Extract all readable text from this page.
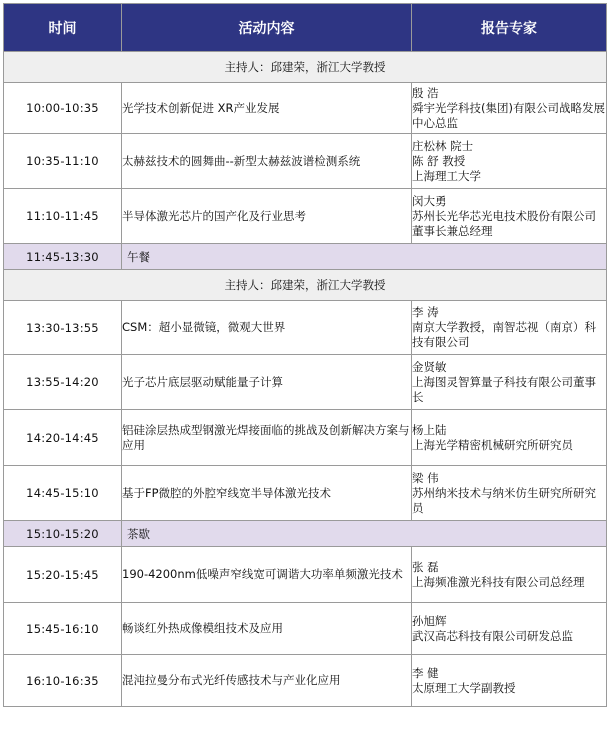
时间	活动内容	报告专家
主持人：邱建荣，浙江大学教授		
10:00-10:35	光学技术创新促进 XR产业发展	殷 浩
舜宇光学科技(集团)有限公司战略发展中心总监

10:35-11:10	太赫兹技术的圆舞曲--新型太赫兹波谱检测系统	庄松林 院士
陈 舒 教授
上海理工大学

11:10-11:45	半导体激光芯片的国产化及行业思考	闵大勇
苏州长光华芯光电技术股份有限公司董事长兼总经理

11:45-13:30	午餐	
主持人：邱建荣，浙江大学教授		
13:30-13:55	CSM：超小显微镜，微观大世界	李 涛
南京大学教授，南智芯视（南京）科技有限公司

13:55-14:20	光子芯片底层驱动赋能量子计算	金贤敏
上海图灵智算量子科技有限公司董事长

14:20-14:45	铝硅涂层热成型钢激光焊接面临的挑战及创新解决方案与应用	杨上陆
上海光学精密机械研究所研究员

14:45-15:10	基于FP微腔的外腔窄线宽半导体激光技术	梁 伟
苏州纳米技术与纳米仿生研究所研究员

15:10-15:20	茶歇	
15:20-15:45	190-4200nm低噪声窄线宽可调谐大功率单频激光技术	张 磊
上海频准激光科技有限公司总经理

15:45-16:10	畅谈红外热成像模组技术及应用	孙旭辉
武汉高芯科技有限公司研发总监

16:10-16:35	混沌拉曼分布式光纤传感技术与产业化应用	李 健
太原理工大学副教授
